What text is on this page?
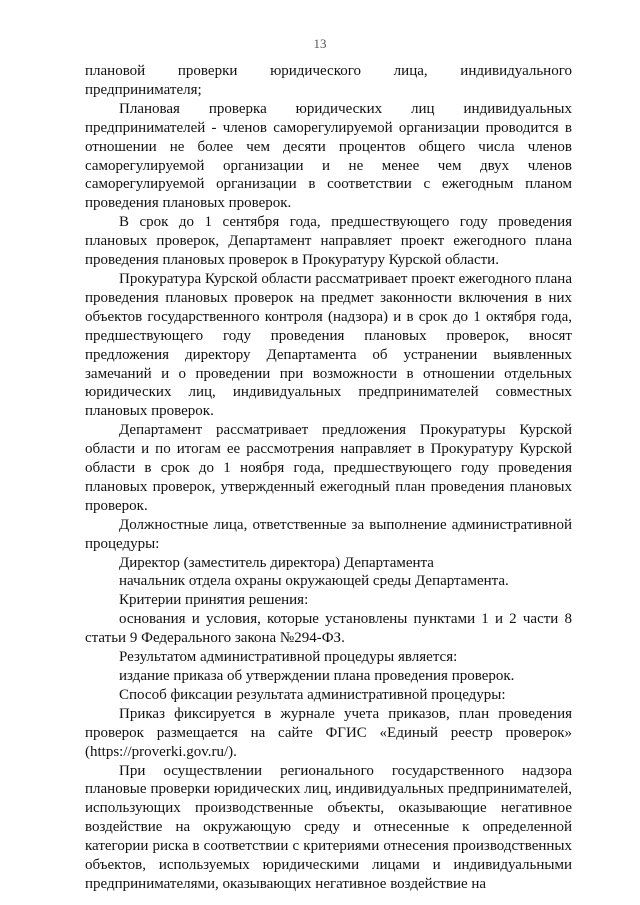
13

плановой проверки юридического лица, индивидуального предпринимателя;

Плановая проверка юридических лиц индивидуальных предпринимателей - членов саморегулируемой организации проводится в отношении не более чем десяти процентов общего числа членов саморегулируемой организации и не менее чем двух членов саморегулируемой организации в соответствии с ежегодным планом проведения плановых проверок.

В срок до 1 сентября года, предшествующего году проведения плановых проверок, Департамент направляет проект ежегодного плана проведения плановых проверок в Прокуратуру Курской области.

Прокуратура Курской области рассматривает проект ежегодного плана проведения плановых проверок на предмет законности включения в них объектов государственного контроля (надзора) и в срок до 1 октября года, предшествующего году проведения плановых проверок, вносят предложения директору Департамента об устранении выявленных замечаний и о проведении при возможности в отношении отдельных юридических лиц, индивидуальных предпринимателей совместных плановых проверок.

Департамент рассматривает предложения Прокуратуры Курской области и по итогам ее рассмотрения направляет в Прокуратуру Курской области в срок до 1 ноября года, предшествующего году проведения плановых проверок, утвержденный ежегодный план проведения плановых проверок.

Должностные лица, ответственные за выполнение административной процедуры:

Директор (заместитель директора) Департамента

начальник отдела охраны окружающей среды Департамента.

Критерии принятия решения:

основания и условия, которые установлены пунктами 1 и 2 части 8 статьи 9 Федерального закона №294-ФЗ.

Результатом административной процедуры является:

издание приказа об утверждении плана проведения проверок.

Способ фиксации результата административной процедуры:

Приказ фиксируется в журнале учета приказов, план проведения проверок размещается на сайте ФГИС «Единый реестр проверок» (https://proverki.gov.ru/).

При осуществлении регионального государственного надзора плановые проверки юридических лиц, индивидуальных предпринимателей, использующих производственные объекты, оказывающие негативное воздействие на окружающую среду и отнесенные к определенной категории риска в соответствии с критериями отнесения производственных объектов, используемых юридическими лицами и индивидуальными предпринимателями, оказывающих негативное воздействие на
